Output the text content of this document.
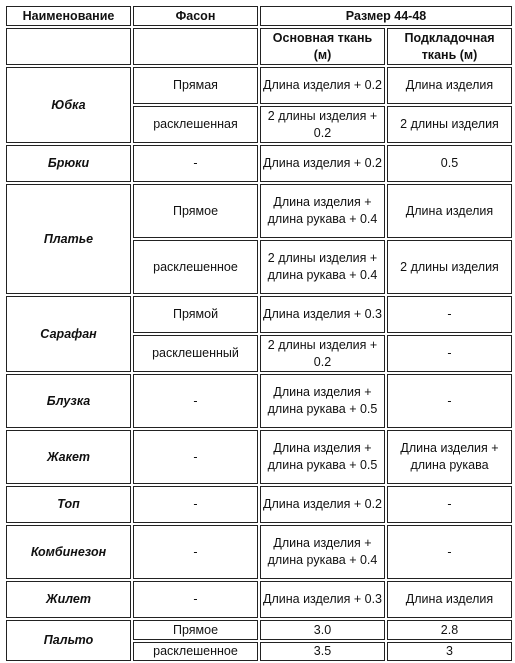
Наименование	Фасон	Размер 44-48	
		Основная ткань (м)	Подкладочная ткань (м)
Юбка	Прямая	Длина изделия + 0.2	Длина изделия
	расклешенная	2 длины изделия + 0.2	2 длины изделия
Брюки	-	Длина изделия + 0.2	0.5
Платье	Прямое	Длина изделия + длина рукава + 0.4	Длина изделия
	расклешенное	2 длины изделия + длина рукава + 0.4	2 длины изделия
Сарафан	Прямой	Длина изделия + 0.3	-
	расклешенный	2 длины изделия + 0.2	-
Блузка	-	Длина изделия + длина рукава + 0.5	-
Жакет	-	Длина изделия + длина рукава + 0.5	Длина изделия + длина рукава
Топ	-	Длина изделия + 0.2	-
Комбинезон	-	Длина изделия + длина рукава + 0.4	-
Жилет	-	Длина изделия + 0.3	Длина изделия
Пальто	Прямое	3.0	2.8
	расклешенное	3.5	3
